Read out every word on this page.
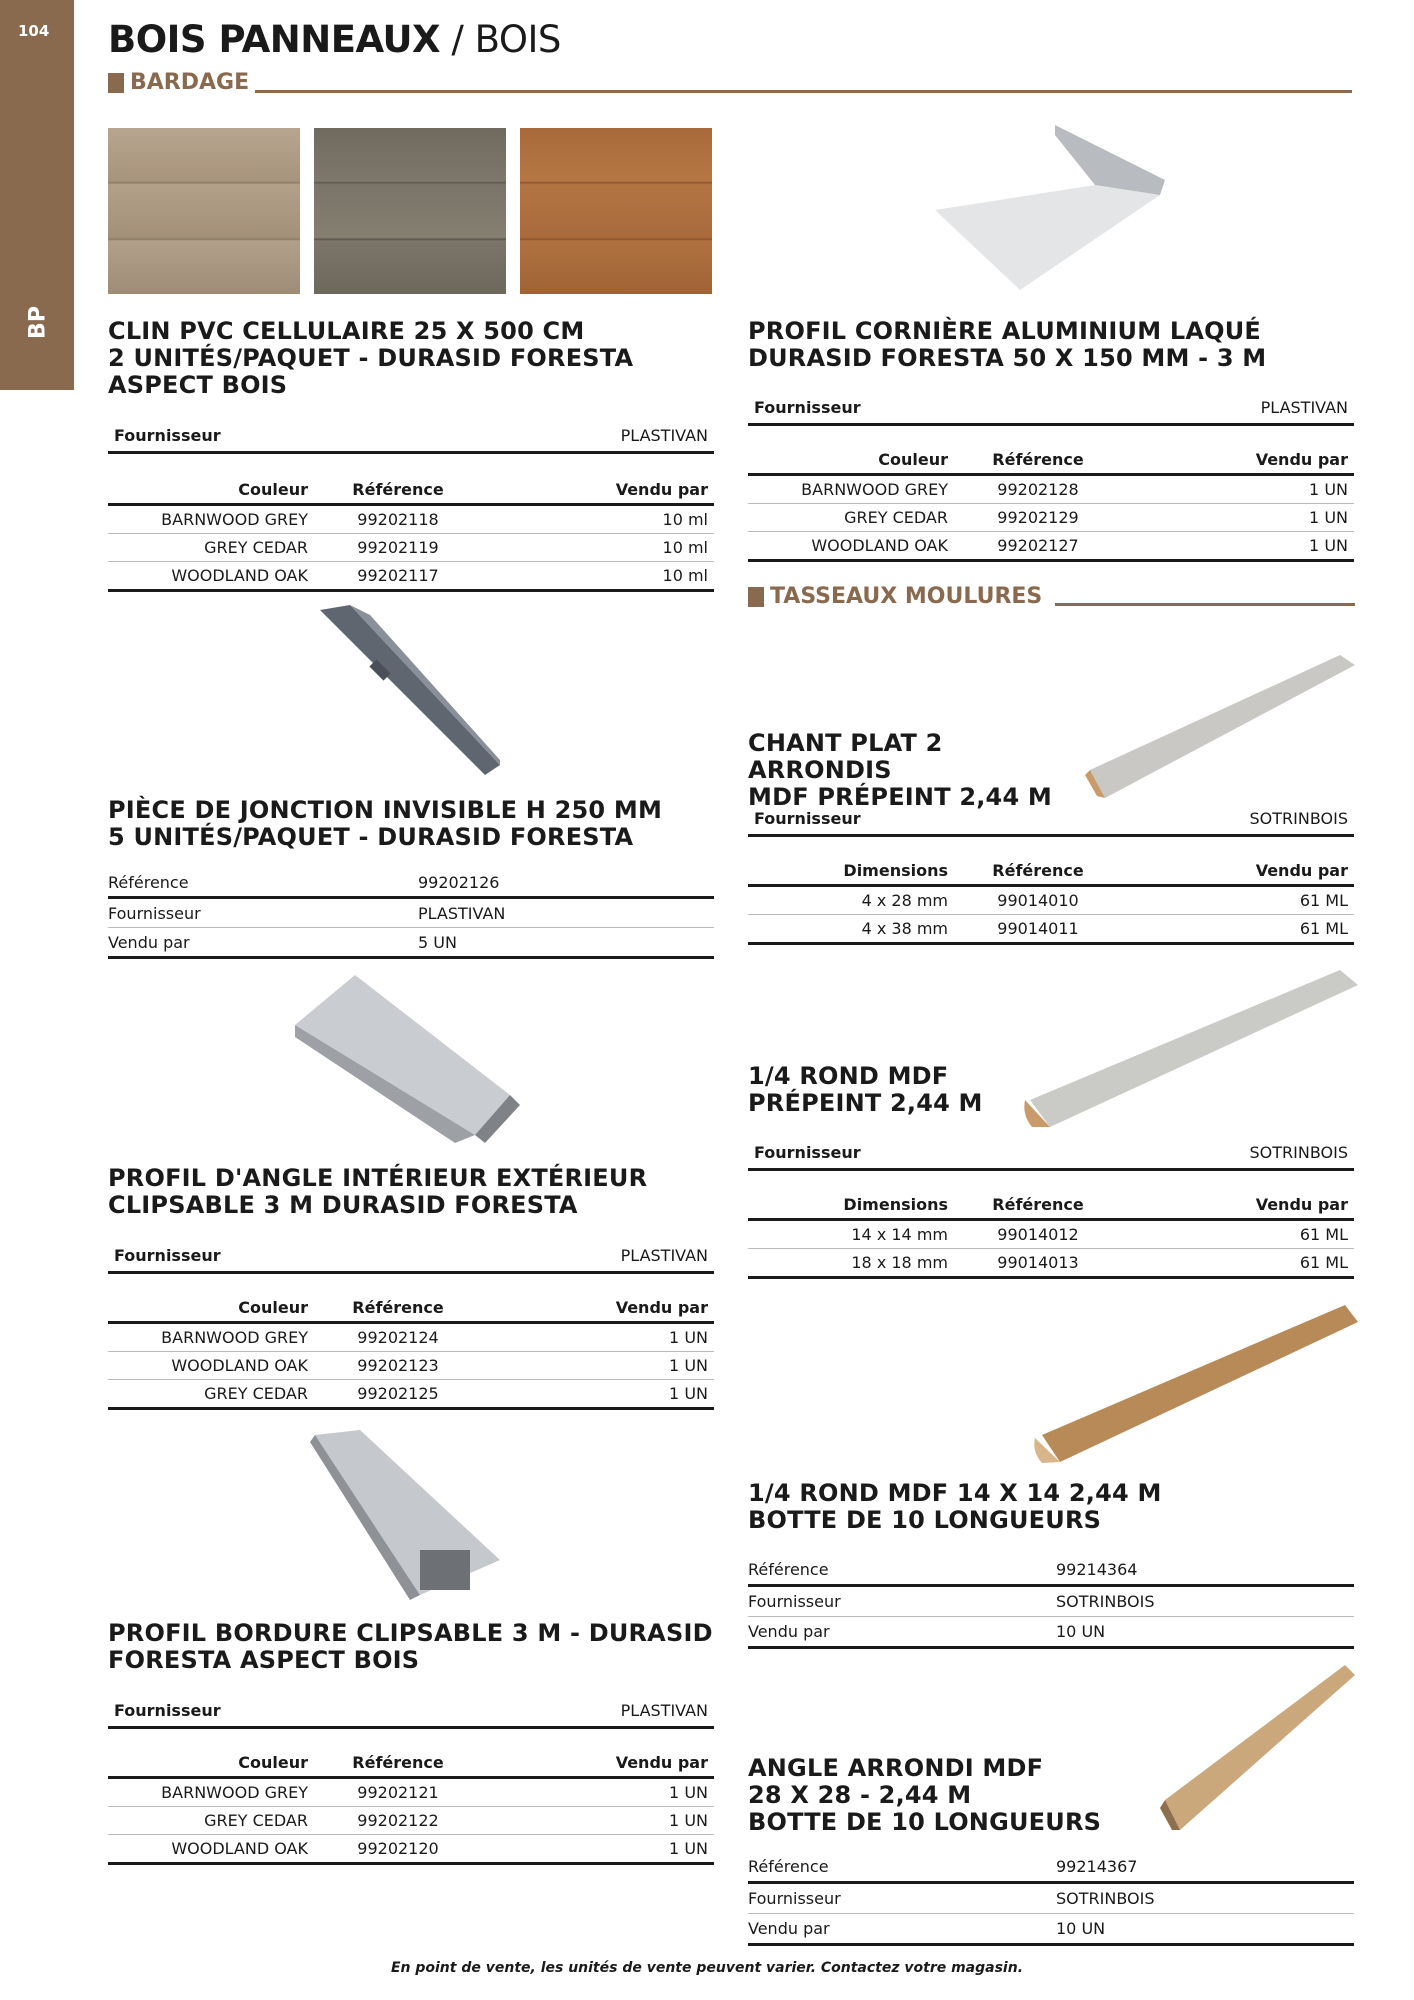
104
BP
BOIS PANNEAUX / BOIS
BARDAGE
CLIN PVC CELLULAIRE 25 X 500 CM
2 UNITÉS/PAQUET - DURASID FORESTA
ASPECT BOIS
Fournisseur	PLASTIVAN
Couleur	Référence	Vendu par
BARNWOOD GREY	99202118	10 ml
GREY CEDAR	99202119	10 ml
WOODLAND OAK	99202117	10 ml
PIÈCE DE JONCTION INVISIBLE H 250 MM
5 UNITÉS/PAQUET - DURASID FORESTA
Référence	99202126
Fournisseur	PLASTIVAN
Vendu par	5 UN
PROFIL D'ANGLE INTÉRIEUR EXTÉRIEUR
CLIPSABLE 3 M DURASID FORESTA
Fournisseur	PLASTIVAN
Couleur	Référence	Vendu par
BARNWOOD GREY	99202124	1 UN
WOODLAND OAK	99202123	1 UN
GREY CEDAR	99202125	1 UN
PROFIL BORDURE CLIPSABLE 3 M - DURASID
FORESTA ASPECT BOIS
Fournisseur	PLASTIVAN
Couleur	Référence	Vendu par
BARNWOOD GREY	99202121	1 UN
GREY CEDAR	99202122	1 UN
WOODLAND OAK	99202120	1 UN
PROFIL CORNIÈRE ALUMINIUM LAQUÉ
DURASID FORESTA 50 X 150 MM - 3 M
Fournisseur	PLASTIVAN
Couleur	Référence	Vendu par
BARNWOOD GREY	99202128	1 UN
GREY CEDAR	99202129	1 UN
WOODLAND OAK	99202127	1 UN
TASSEAUX MOULURES
CHANT PLAT 2 ARRONDIS
MDF PRÉPEINT 2,44 M
Fournisseur	SOTRINBOIS
Dimensions	Référence	Vendu par
4 x 28 mm	99014010	61 ML
4 x 38 mm	99014011	61 ML
1/4 ROND MDF
PRÉPEINT 2,44 M
Fournisseur	SOTRINBOIS
Dimensions	Référence	Vendu par
14 x 14 mm	99014012	61 ML
18 x 18 mm	99014013	61 ML
1/4 ROND MDF 14 X 14 2,44 M
BOTTE DE 10 LONGUEURS
Référence	99214364
Fournisseur	SOTRINBOIS
Vendu par	10 UN
ANGLE ARRONDI MDF
28 X 28 - 2,44 M
BOTTE DE 10 LONGUEURS
Référence	99214367
Fournisseur	SOTRINBOIS
Vendu par	10 UN
En point de vente, les unités de vente peuvent varier. Contactez votre magasin.
